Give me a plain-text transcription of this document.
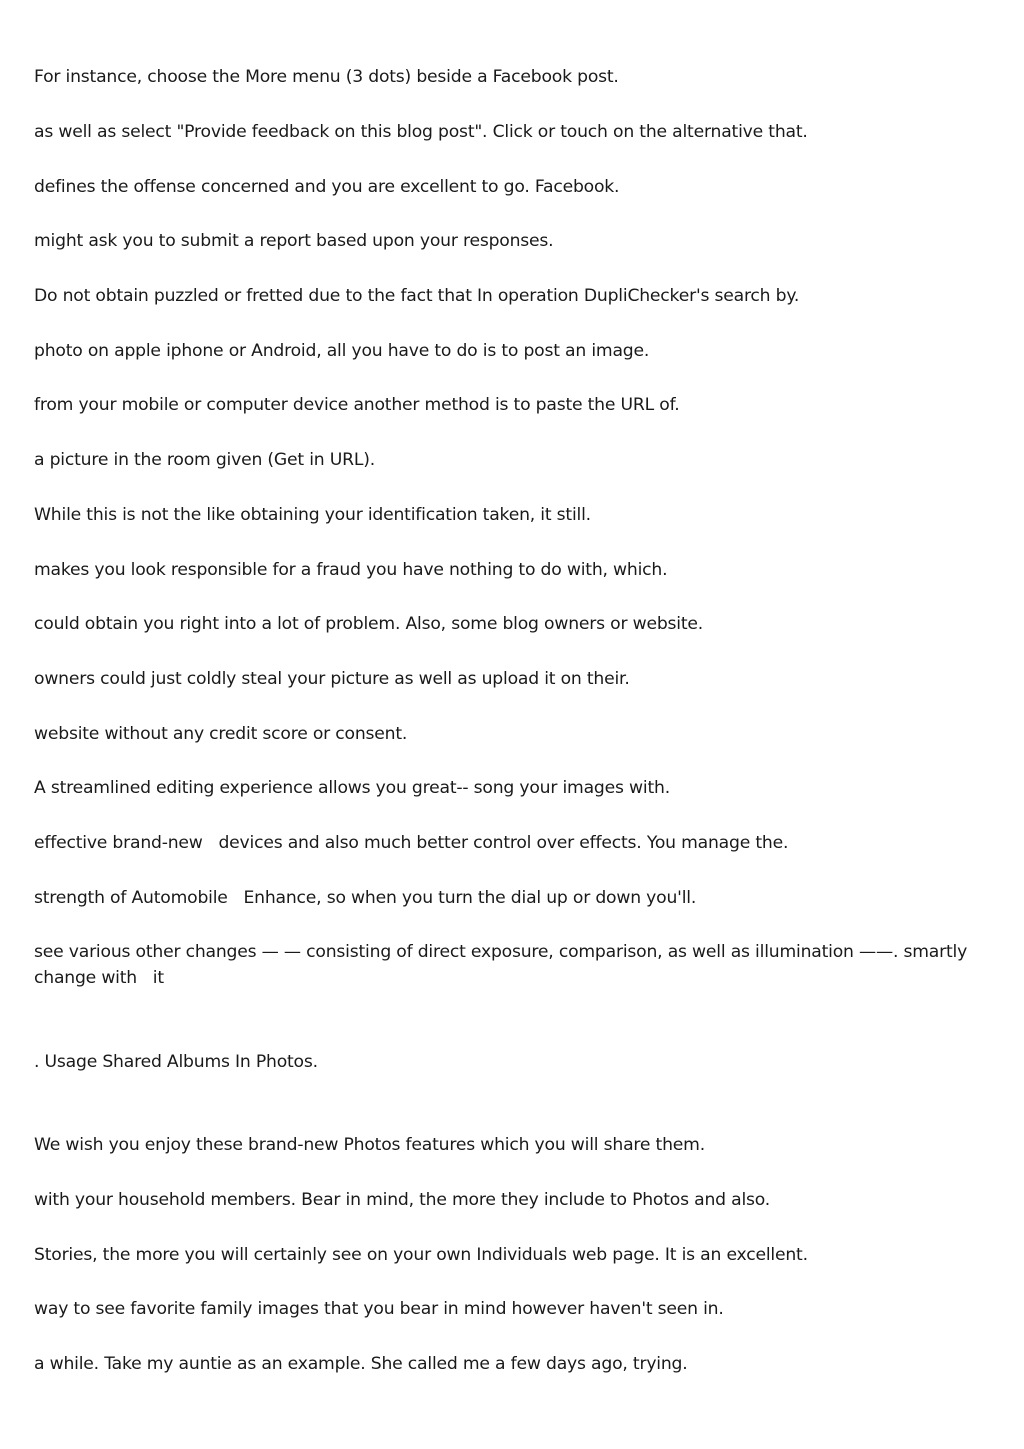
For instance, choose the More menu (3 dots) beside a Facebook post.

as well as select "Provide feedback on this blog post". Click or touch on the alternative that.

defines the offense concerned and you are excellent to go. Facebook.

might ask you to submit a report based upon your responses.

Do not obtain puzzled or fretted due to the fact that In operation DupliChecker's search by.

photo on apple iphone or Android, all you have to do is to post an image.

from your mobile or computer device another method is to paste the URL of.

a picture in the room given (Get in URL).

While this is not the like obtaining your identification taken, it still.

makes you look responsible for a fraud you have nothing to do with, which.

could obtain you right into a lot of problem. Also, some blog owners or website.

owners could just coldly steal your picture as well as upload it on their.

website without any credit score or consent.

A streamlined editing experience allows you great-- song your images with.

effective brand-new   devices and also much better control over effects. You manage the.

strength of Automobile   Enhance, so when you turn the dial up or down you'll.

see various other changes — — consisting of direct exposure, comparison, as well as illumination ——. smartly change with   it

. Usage Shared Albums In Photos.

We wish you enjoy these brand-new Photos features which you will share them.

with your household members. Bear in mind, the more they include to Photos and also.

Stories, the more you will certainly see on your own Individuals web page. It is an excellent.

way to see favorite family images that you bear in mind however haven't seen in.

a while. Take my auntie as an example. She called me a few days ago, trying.
